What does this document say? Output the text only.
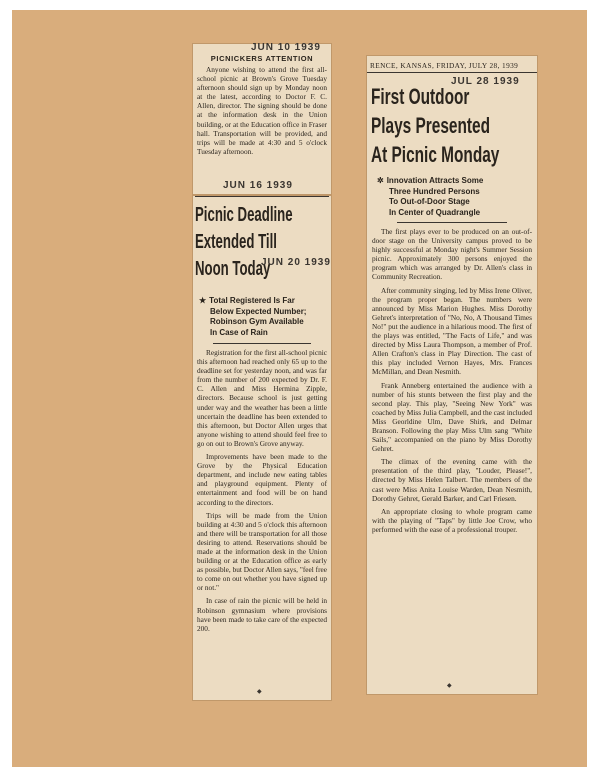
JUN 10 1939
PICNICKERS ATTENTION

Anyone wishing to attend the first all-school picnic at Brown's Grove Tuesday afternoon should sign up by Monday noon at the latest, according to Doctor F. C. Allen, director. The signing should be done at the information desk in the Union building, or at the Education office in Fraser hall. Transportation will be provided, and trips will be made at 4:30 and 5 o'clock Tuesday afternoon.

JUN 16 1939
Picnic Deadline
Extended Till
Noon Today
JUN 20 1939
★ Total Registered Is Far
Below Expected Number;
Robinson Gym Available
In Case of Rain

Registration for the first all-school picnic this afternoon had reached only 65 up to the deadline set for yesterday noon, and was far from the number of 200 expected by Dr. F. C. Allen and Miss Hermina Zipple, directors. Because school is just getting under way and the weather has been a little uncertain the deadline has been extended to this afternoon, but Doctor Allen urges that anyone wishing to attend should feel free to go on out to Brown's Grove anyway.

Improvements have been made to the Grove by the Physical Education department, and include new eating tables and playground equipment. Plenty of entertainment and food will be on hand according to the directors.

Trips will be made from the Union building at 4:30 and 5 o'clock this afternoon and there will be transportation for all those desiring to attend. Reservations should be made at the information desk in the Union building or at the Education office as early as possible, but Doctor Allen says, "feel free to come on out whether you have signed up or not."

In case of rain the picnic will be held in Robinson gymnasium where provisions have been made to take care of the expected 200.

◆
RENCE, KANSAS, FRIDAY, JULY 28, 1939
JUL 28 1939
First Outdoor
Plays Presented
At Picnic Monday
✲ Innovation Attracts Some
Three Hundred Persons
To Out-of-Door Stage
In Center of Quadrangle

The first plays ever to be produced on an out-of-door stage on the University campus proved to be highly successful at Monday night's Summer Session picnic. Approximately 300 persons enjoyed the program which was arranged by Dr. Allen's class in Community Recreation.

After community singing, led by Miss Irene Oliver, the program proper began. The numbers were announced by Miss Marion Hughes. Miss Dorothy Gehret's interpretation of "No, No, A Thousand Times No!" put the audience in a hilarious mood. The first of the plays was entitled, "The Facts of Life," and was directed by Miss Laura Thompson, a member of Prof. Allen Crafton's class in Play Direction. The cast of this play included Vernon Hayes, Mrs. Frances McMillan, and Dean Nesmith.

Frank Anneberg entertained the audience with a number of his stunts between the first play and the second play. This play, "Seeing New York" was coached by Miss Julia Campbell, and the cast included Miss Georldine Ulm, Dave Shirk, and Delmar Branson. Following the play Miss Ulm sang "White Sails," accompanied on the piano by Miss Dorothy Gehret.

The climax of the evening came with the presentation of the third play, "Louder, Please!", directed by Miss Helen Talbert. The members of the cast were Miss Anita Louise Warden, Dean Nesmith, Dorothy Gehret, Gerald Barker, and Carl Friesen.

An appropriate closing to whole program came with the playing of "Taps" by little Joe Crow, who performed with the ease of a professional trouper.

◆
